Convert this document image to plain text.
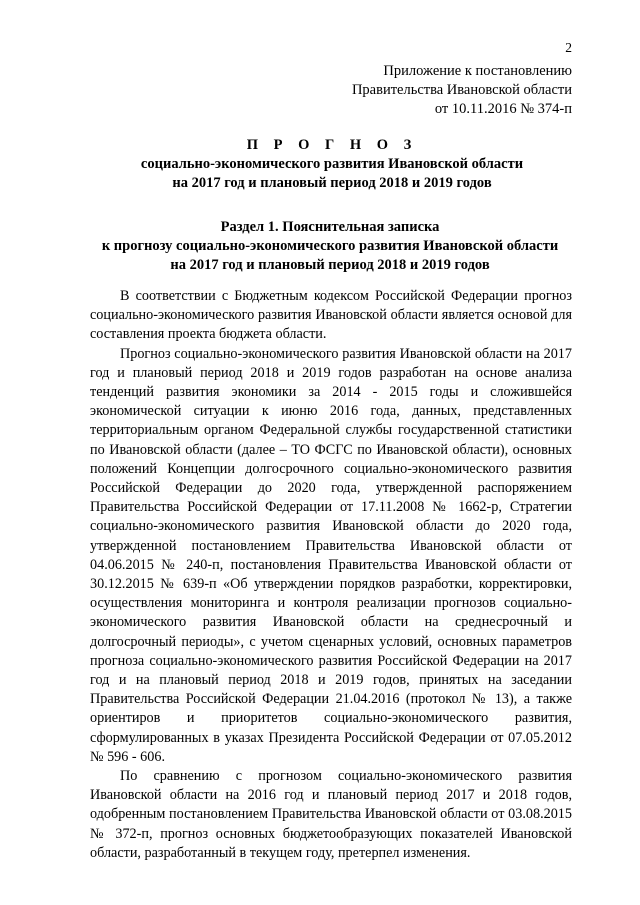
2
Приложение к постановлению
Правительства Ивановской области
от 10.11.2016 № 374-п
П Р О Г Н О З
социально-экономического развития Ивановской области
на 2017 год и плановый период 2018 и 2019 годов
Раздел 1. Пояснительная записка
к прогнозу социально-экономического развития Ивановской области
на 2017 год и плановый период 2018 и 2019 годов

В соответствии с Бюджетным кодексом Российской Федерации прогноз социально-экономического развития Ивановской области является основой для составления проекта бюджета области.

Прогноз социально-экономического развития Ивановской области на 2017 год и плановый период 2018 и 2019 годов разработан на основе анализа тенденций развития экономики за 2014 - 2015 годы и сложившейся экономической ситуации к июню 2016 года, данных, представленных территориальным органом Федеральной службы государственной статистики по Ивановской области (далее – ТО ФСГС по Ивановской области), основных положений Концепции долгосрочного социально-экономического развития Российской Федерации до 2020 года, утвержденной распоряжением Правительства Российской Федерации от 17.11.2008 № 1662-р, Стратегии социально-экономического развития Ивановской области до 2020 года, утвержденной постановлением Правительства Ивановской области от 04.06.2015 № 240-п, постановления Правительства Ивановской области от 30.12.2015 № 639-п «Об утверждении порядков разработки, корректировки, осуществления мониторинга и контроля реализации прогнозов социально-экономического развития Ивановской области на среднесрочный и долгосрочный периоды», с учетом сценарных условий, основных параметров прогноза социально-экономического развития Российской Федерации на 2017 год и на плановый период 2018 и 2019 годов, принятых на заседании Правительства Российской Федерации 21.04.2016 (протокол № 13), а также ориентиров и приоритетов социально-экономического развития, сформулированных в указах Президента Российской Федерации от 07.05.2012 № 596 - 606.

По сравнению с прогнозом социально-экономического развития Ивановской области на 2016 год и плановый период 2017 и 2018 годов, одобренным постановлением Правительства Ивановской области от 03.08.2015 № 372-п, прогноз основных бюджетообразующих показателей Ивановской области, разработанный в текущем году, претерпел изменения.
